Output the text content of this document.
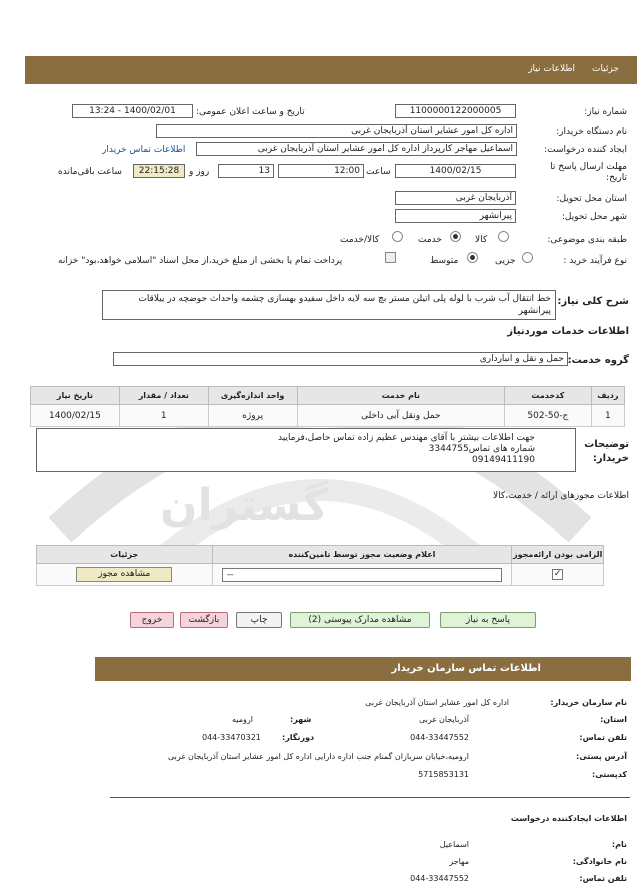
گستران
جزئیات
اطلاعات نیاز
شماره نیاز:
1100000122000005
تاریخ و ساعت اعلان عمومی:
1400/02/01 - 13:24
نام دستگاه خریدار:
اداره کل امور عشایر استان آذربایجان غربی
ایجاد کننده درخواست:
اسماعیل مهاجر کارپرداز اداره کل امور عشایر استان آذربایجان غربی
اطلاعات تماس خریدار
مهلت ارسال پاسخ تا تاریخ:
1400/02/15
ساعت
12:00
13
روز و
22:15:28
ساعت باقی‌مانده
استان محل تحویل:
آذربایجان غربی
شهر محل تحویل:
پیرانشهر
طبقه بندی موضوعی:
کالا
خدمت
کالا/خدمت
نوع فرآیند خرید :
جزیی
متوسط
پرداخت تمام یا بخشی از مبلغ خرید،از محل اسناد "اسلامی خواهد،بود" خزانه
شرح کلی نیاز:
خط انتقال آب شرب با لوله پلی اتیلن مستر بچ سه لایه داخل سفیدو بهسازی چشمه واحداث حوضچه در ییلاقات پیرانشهر
اطلاعات خدمات موردنیاز
گروه خدمت:
حمل و نقل و انبارداری
ردیف	کدخدمت	نام خدمت	واحد اندازه‌گیری	تعداد / مقدار	تاریخ نیاز
1	ج-50-502	حمل ونقل آبی داخلی	پروژه	1	1400/02/15
توضیحات خریدار:
جهت اطلاعات بیشتر با آقای مهندس عظیم زاده تماس حاصل،فرمایید
شماره های تماس3344755
09149411190
اطلاعات مجوزهای ارائه / خدمت،کالا
الزامی بودن ارائه‌مجوز	اعلام وضعیت مجوز توسط تامین‌کننده	جزئیات
✓	--	مشاهده مجوز
پاسخ به نیاز
مشاهده مدارک پیوستی (2)
چاپ
بازگشت
خروج
اطلاعات تماس سازمان خریدار
نام سازمان خریدار:
اداره کل امور عشایر استان آذربایجان غربی
استان:
آذربایجان غربی
شهر:
ارومیه
تلفن تماس:
044-33447552
دورنگار:
044-33470321
آدرس پستی:
ارومیه،خیابان سربازان گمنام جنب اداره دارایی اداره کل امور عشایر استان آذربایجان غربی
کدپستی:
5715853131
اطلاعات ایجادکننده درخواست
نام:
اسماعیل
نام خانوادگی:
مهاجر
تلفن تماس:
044-33447552
